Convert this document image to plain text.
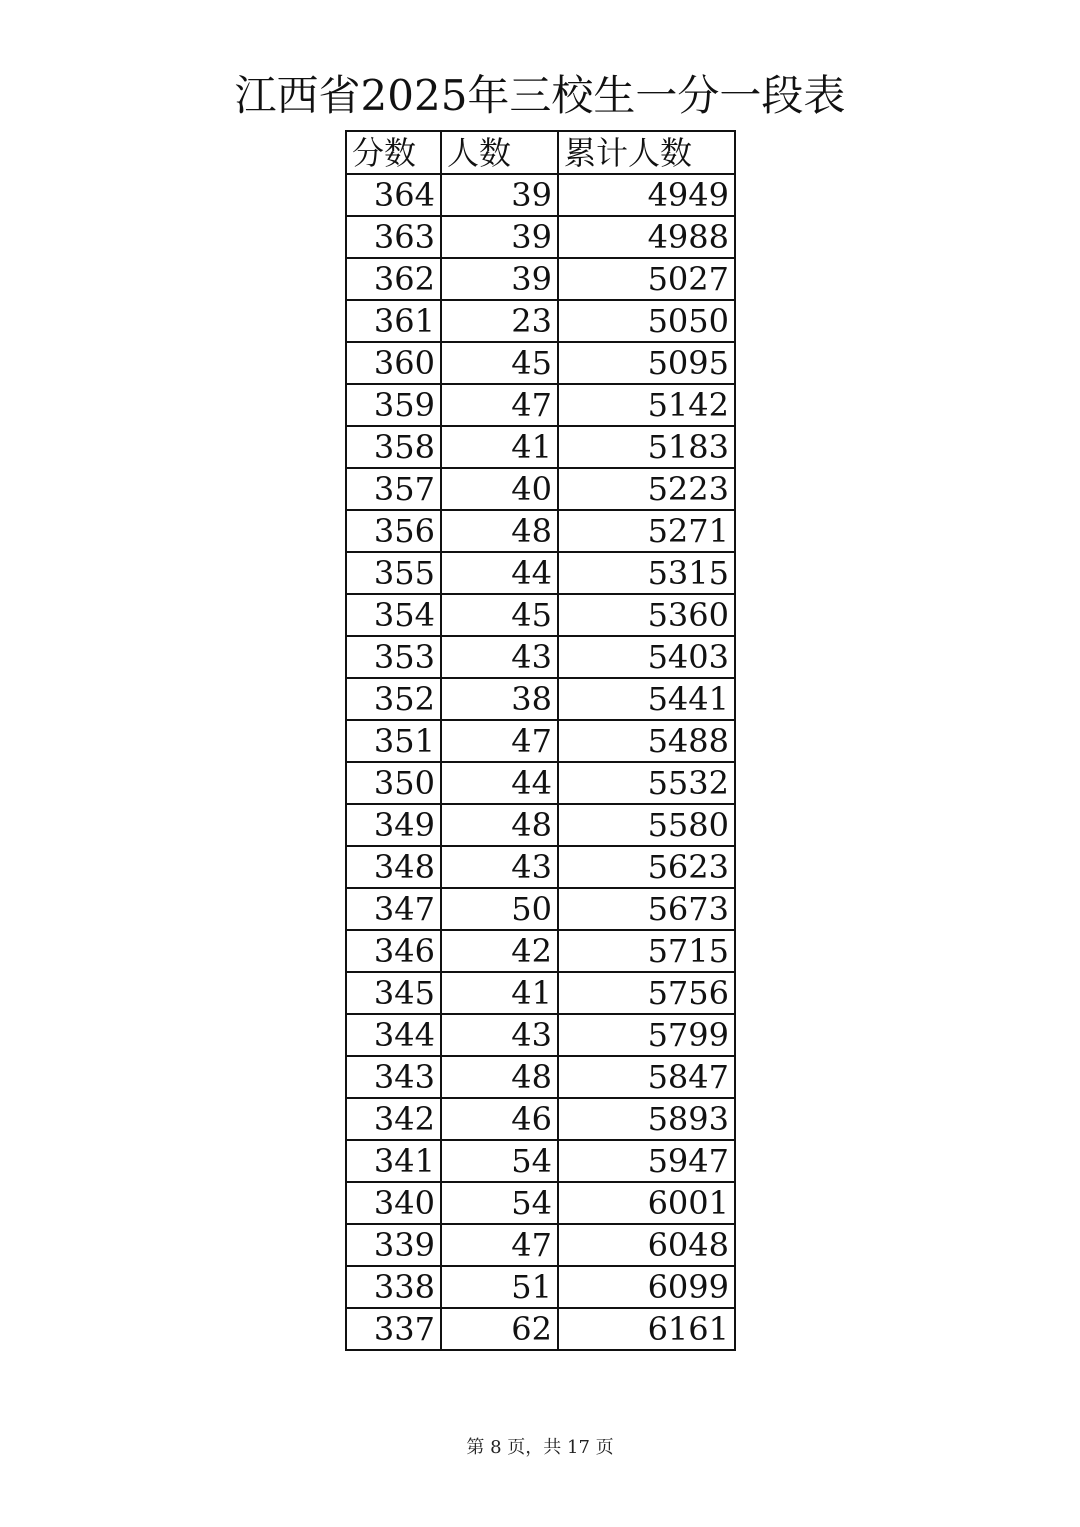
江西省2025年三校生一分一段表
分数	人数	累计人数
364	39	4949
363	39	4988
362	39	5027
361	23	5050
360	45	5095
359	47	5142
358	41	5183
357	40	5223
356	48	5271
355	44	5315
354	45	5360
353	43	5403
352	38	5441
351	47	5488
350	44	5532
349	48	5580
348	43	5623
347	50	5673
346	42	5715
345	41	5756
344	43	5799
343	48	5847
342	46	5893
341	54	5947
340	54	6001
339	47	6048
338	51	6099
337	62	6161
第 8 页，共 17 页
